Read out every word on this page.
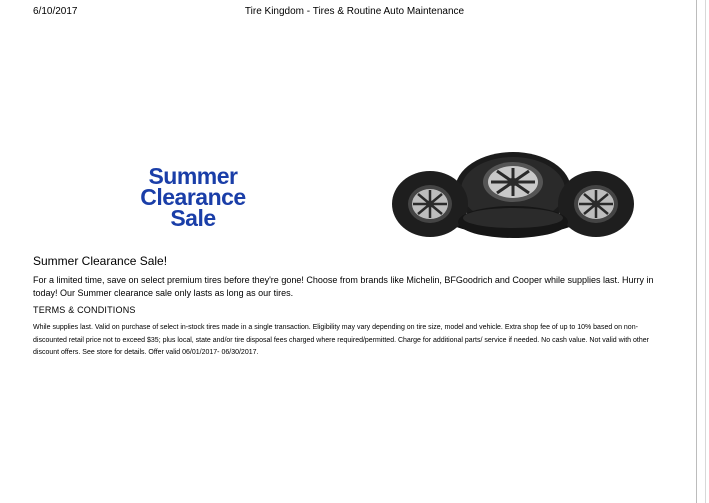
6/10/2017	Tire Kingdom - Tires & Routine Auto Maintenance
Summer
Clearance
Sale
Summer Clearance Sale!
For a limited time, save on select premium tires before they're gone! Choose from brands like Michelin, BFGoodrich and Cooper while supplies last. Hurry in today! Our Summer clearance sale only lasts as long as our tires.
TERMS & CONDITIONS
While supplies last. Valid on purchase of select in-stock tires made in a single transaction. Eligibility may vary depending on tire size, model and vehicle. Extra shop fee of up to 10% based on non-discounted retail price not to exceed $35; plus local, state and/or tire disposal fees charged where required/permitted. Charge for additional parts/ service if needed. No cash value. Not valid with other discount offers. See store for details. Offer valid 06/01/2017- 06/30/2017.
